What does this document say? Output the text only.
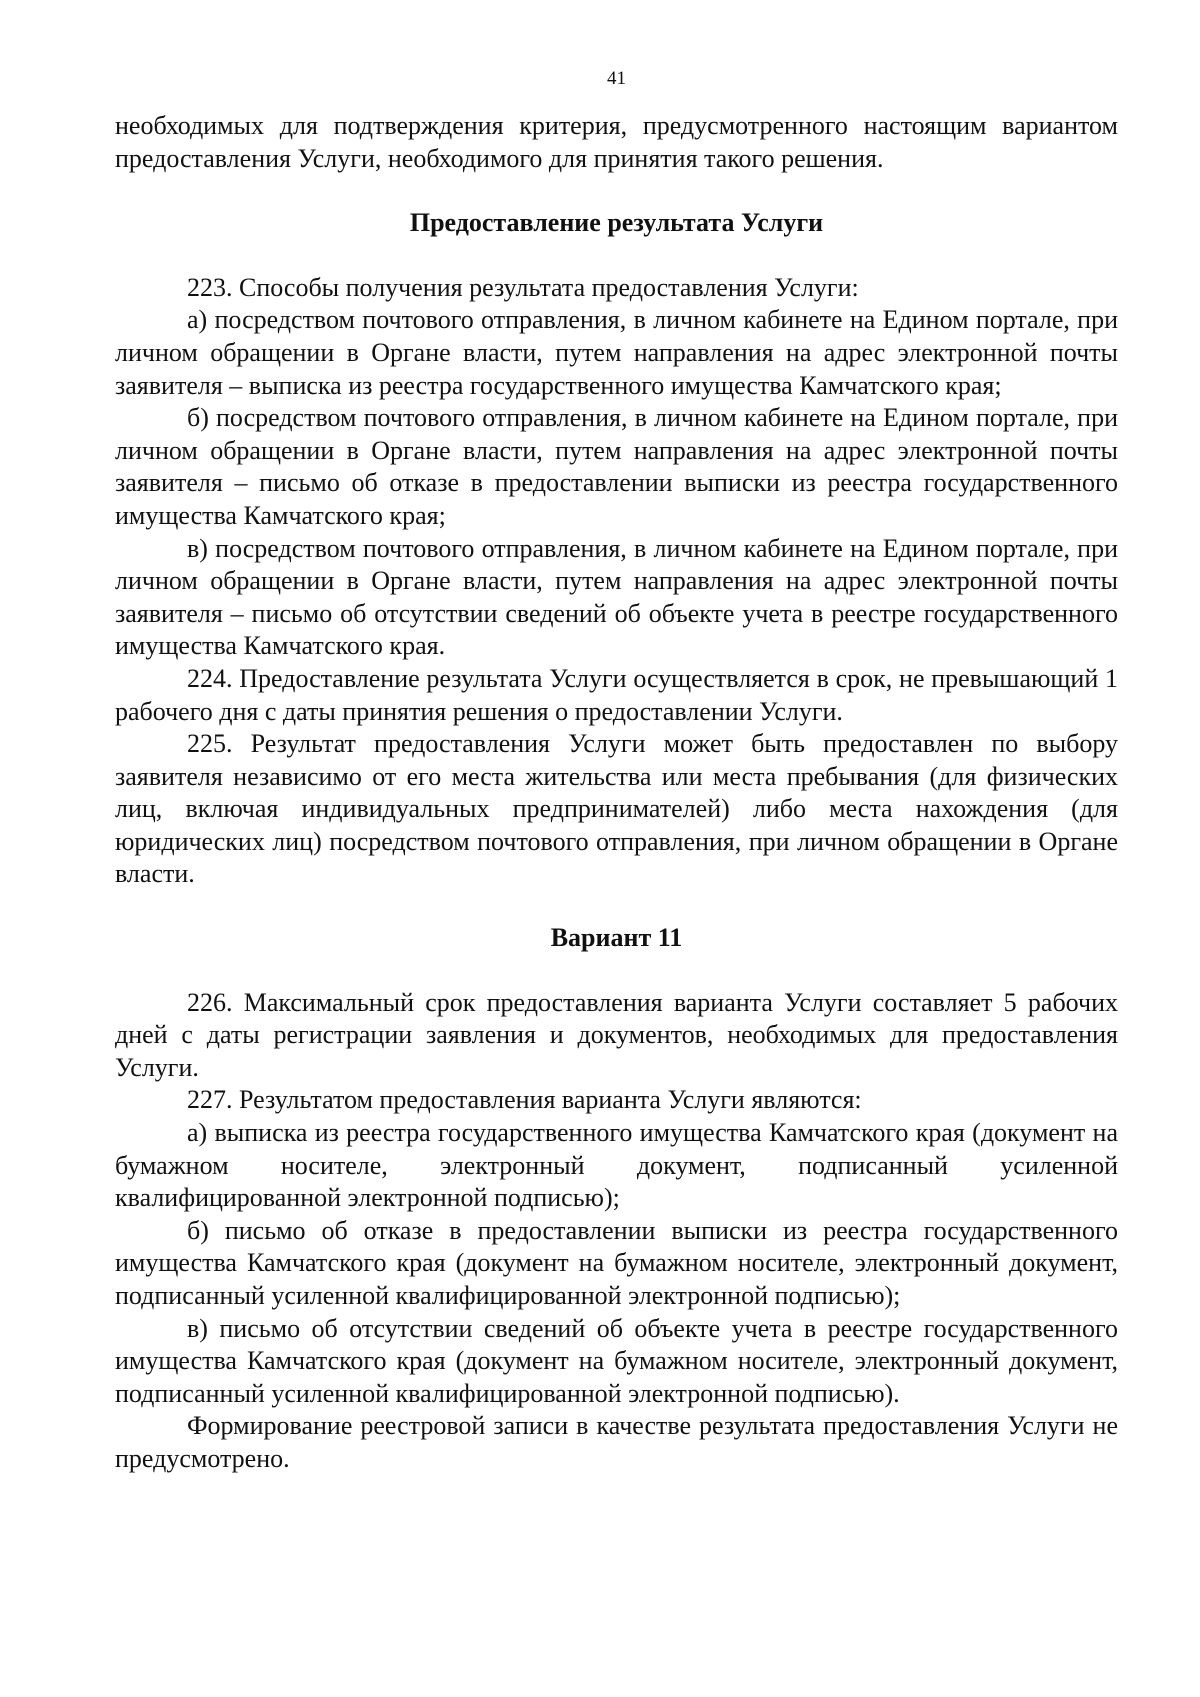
41

необходимых для подтверждения критерия, предусмотренного настоящим вариантом предоставления Услуги, необходимого для принятия такого решения.

Предоставление результата Услуги

223. Способы получения результата предоставления Услуги:

а) посредством почтового отправления, в личном кабинете на Едином портале, при личном обращении в Органе власти, путем направления на адрес электронной почты заявителя – выписка из реестра государственного имущества Камчатского края;

б) посредством почтового отправления, в личном кабинете на Едином портале, при личном обращении в Органе власти, путем направления на адрес электронной почты заявителя – письмо об отказе в предоставлении выписки из реестра государственного имущества Камчатского края;

в) посредством почтового отправления, в личном кабинете на Едином портале, при личном обращении в Органе власти, путем направления на адрес электронной почты заявителя – письмо об отсутствии сведений об объекте учета в реестре государственного имущества Камчатского края.

224. Предоставление результата Услуги осуществляется в срок, не превышающий 1 рабочего дня с даты принятия решения о предоставлении Услуги.

225. Результат предоставления Услуги может быть предоставлен по выбору заявителя независимо от его места жительства или места пребывания (для физических лиц, включая индивидуальных предпринимателей) либо места нахождения (для юридических лиц) посредством почтового отправления, при личном обращении в Органе власти.

Вариант 11

226. Максимальный срок предоставления варианта Услуги составляет 5 рабочих дней с даты регистрации заявления и документов, необходимых для предоставления Услуги.

227. Результатом предоставления варианта Услуги являются:

а) выписка из реестра государственного имущества Камчатского края (документ на бумажном носителе, электронный документ, подписанный усиленной квалифицированной электронной подписью);

б) письмо об отказе в предоставлении выписки из реестра государственного имущества Камчатского края (документ на бумажном носителе, электронный документ, подписанный усиленной квалифицированной электронной подписью);

в) письмо об отсутствии сведений об объекте учета в реестре государственного имущества Камчатского края (документ на бумажном носителе, электронный документ, подписанный усиленной квалифицированной электронной подписью).

Формирование реестровой записи в качестве результата предоставления Услуги не предусмотрено.
